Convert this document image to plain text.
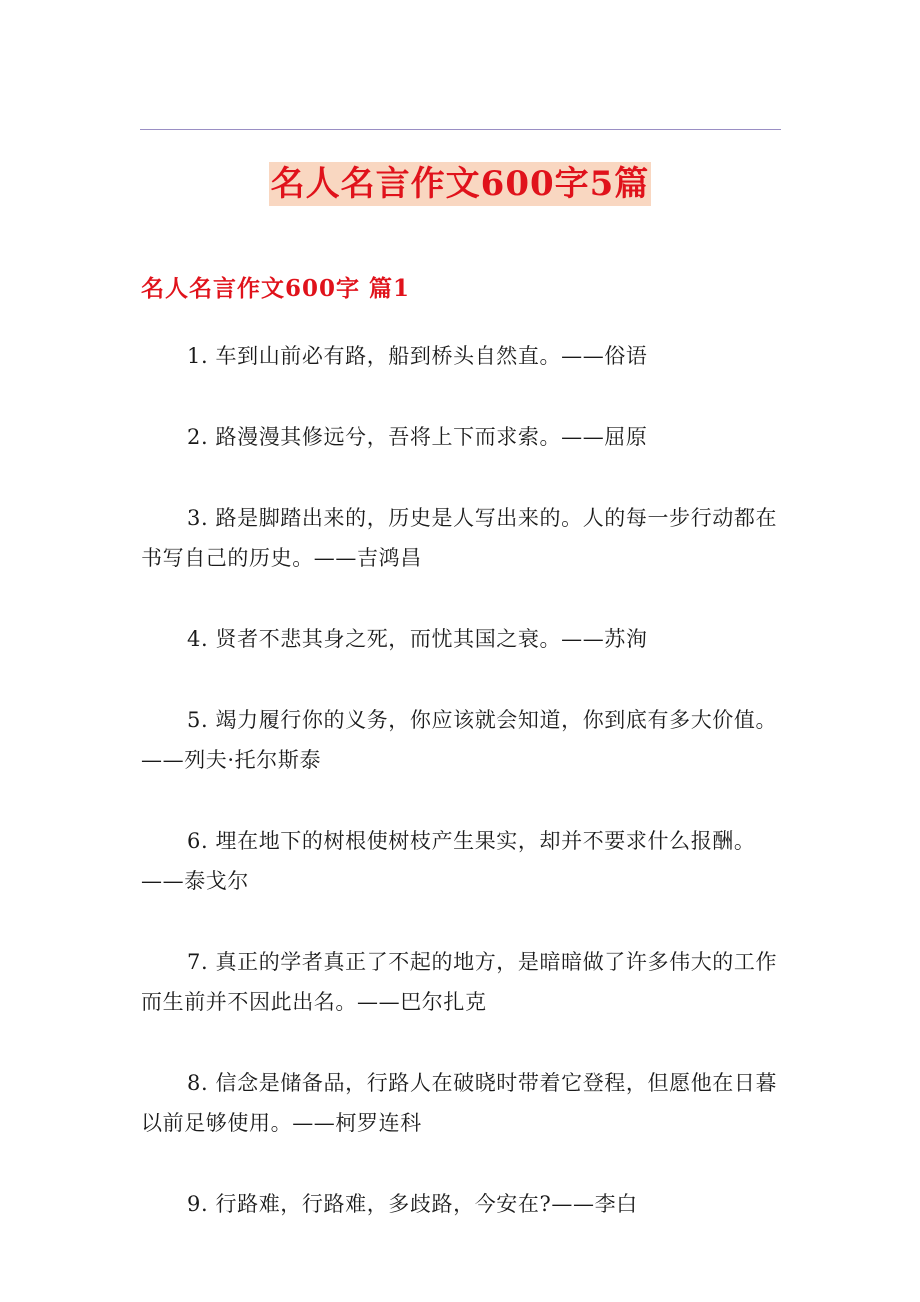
名人名言作文600字5篇
名人名言作文600字 篇1
1. 车到山前必有路，船到桥头自然直。——俗语
2. 路漫漫其修远兮，吾将上下而求索。——屈原
3. 路是脚踏出来的，历史是人写出来的。人的每一步行动都在书写自己的历史。——吉鸿昌
4. 贤者不悲其身之死，而忧其国之衰。——苏洵
5. 竭力履行你的义务，你应该就会知道，你到底有多大价值。——列夫·托尔斯泰
6. 埋在地下的树根使树枝产生果实，却并不要求什么报酬。——泰戈尔
7. 真正的学者真正了不起的地方，是暗暗做了许多伟大的工作而生前并不因此出名。——巴尔扎克
8. 信念是储备品，行路人在破晓时带着它登程，但愿他在日暮以前足够使用。——柯罗连科
9. 行路难，行路难，多歧路，今安在?——李白
